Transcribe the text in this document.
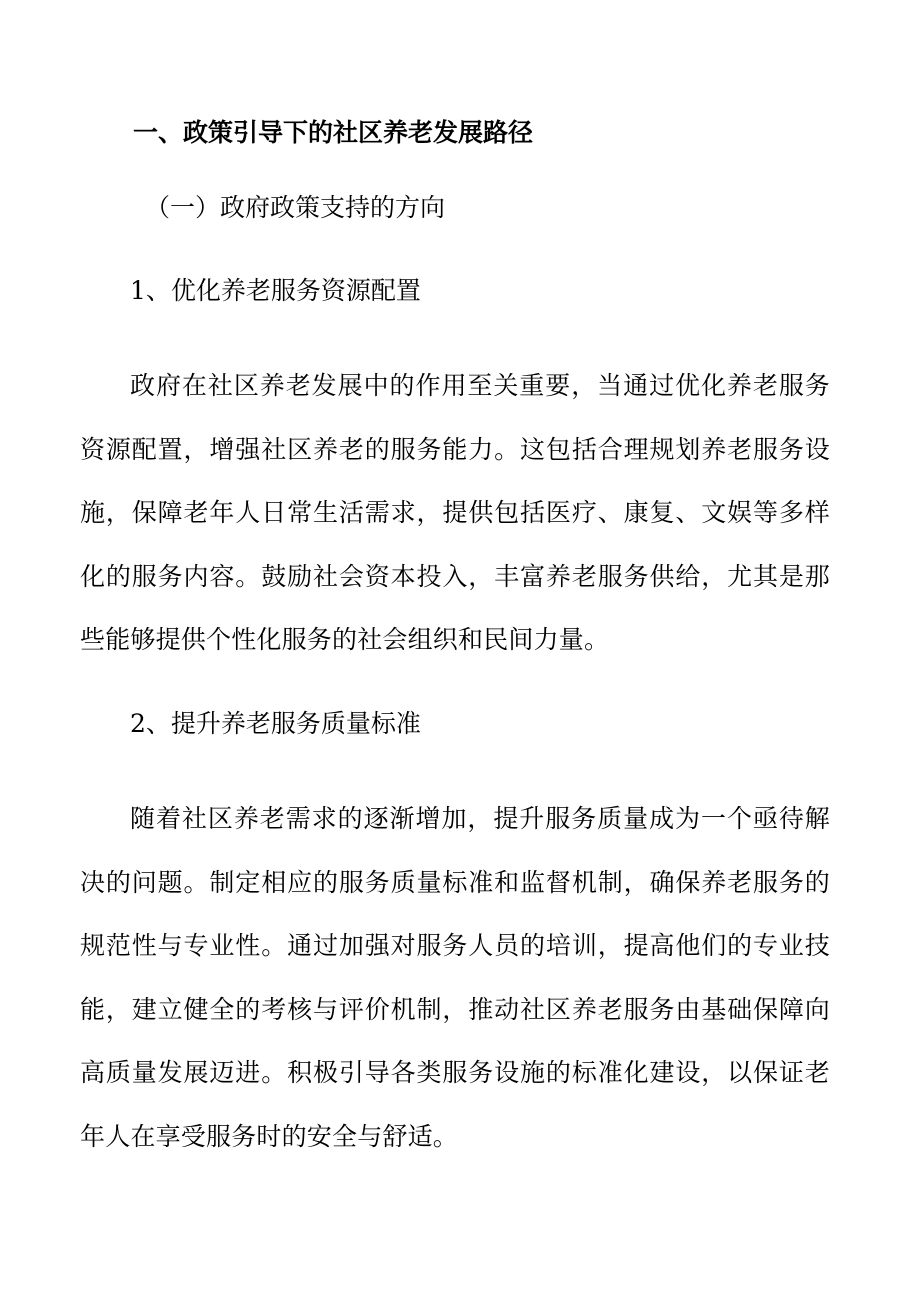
一、政策引导下的社区养老发展路径
（一）政府政策支持的方向
1、优化养老服务资源配置
政府在社区养老发展中的作用至关重要，当通过优化养老服务资源配置，增强社区养老的服务能力。这包括合理规划养老服务设施，保障老年人日常生活需求，提供包括医疗、康复、文娱等多样化的服务内容。鼓励社会资本投入，丰富养老服务供给，尤其是那些能够提供个性化服务的社会组织和民间力量。
2、提升养老服务质量标准
随着社区养老需求的逐渐增加，提升服务质量成为一个亟待解决的问题。制定相应的服务质量标准和监督机制，确保养老服务的规范性与专业性。通过加强对服务人员的培训，提高他们的专业技能，建立健全的考核与评价机制，推动社区养老服务由基础保障向高质量发展迈进。积极引导各类服务设施的标准化建设，以保证老年人在享受服务时的安全与舒适。
